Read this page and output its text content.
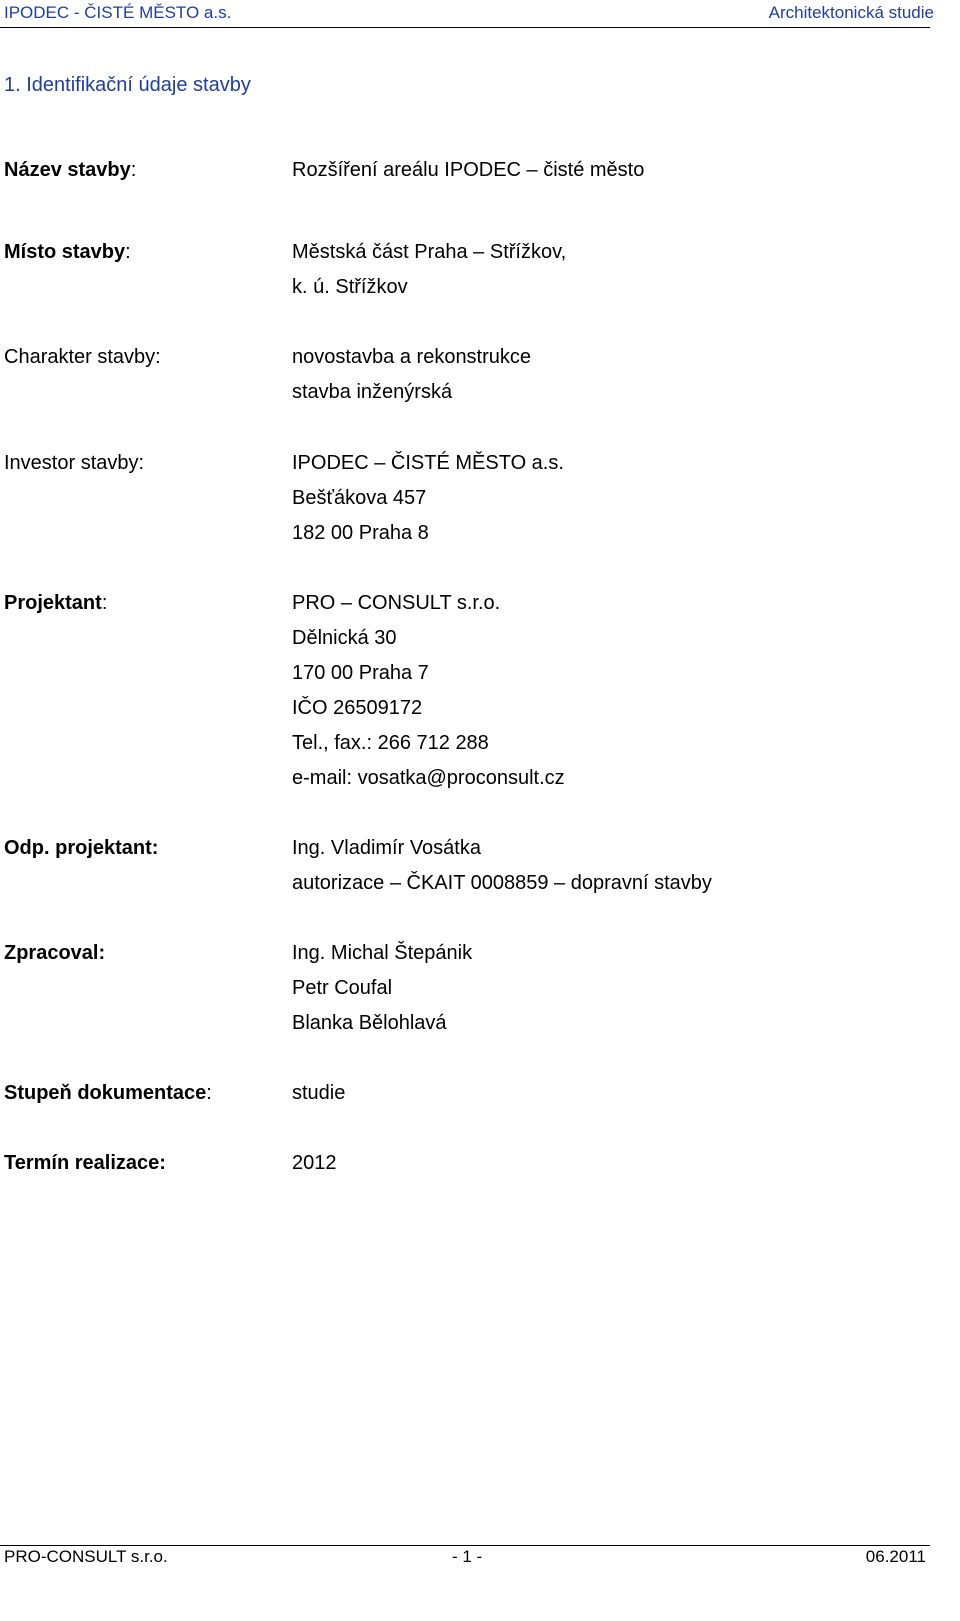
IPODEC - ČISTÉ MĚSTO a.s.	Architektonická studie
1. Identifikační údaje stavby
Název stavby:	Rozšíření areálu IPODEC – čisté město
Místo stavby:	Městská část Praha – Střížkov,
k. ú. Střížkov
Charakter stavby:	novostavba a rekonstrukce
stavba inženýrská
Investor stavby:	IPODEC – ČISTÉ MĚSTO a.s.
Bešťákova 457
182 00 Praha 8
Projektant:	PRO – CONSULT s.r.o.
Dělnická 30
170 00 Praha 7
IČO 26509172
Tel., fax.: 266 712 288
e-mail: vosatka@proconsult.cz
Odp. projektant:	Ing. Vladimír Vosátka
autorizace – ČKAIT 0008859 – dopravní stavby
Zpracoval:	Ing. Michal Štepánik
Petr Coufal
Blanka Bělohlavá
Stupeň dokumentace:	studie
Termín realizace:	2012
PRO-CONSULT s.r.o.	- 1 -	06.2011
